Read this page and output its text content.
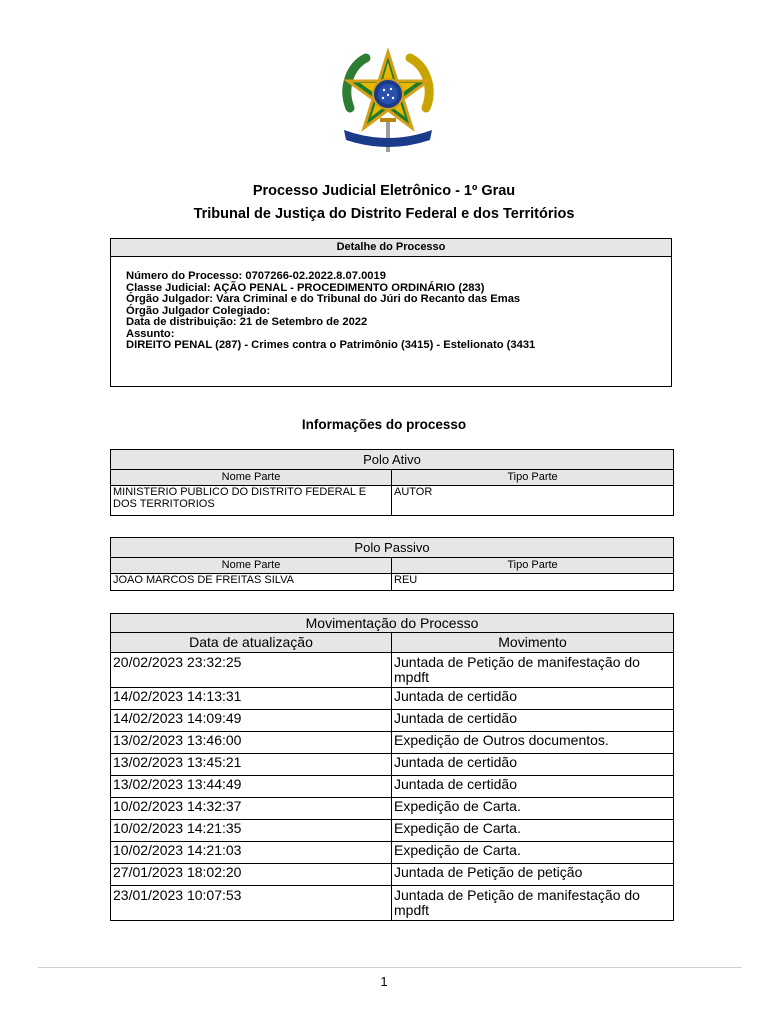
Processo Judicial Eletrônico - 1º Grau
Tribunal de Justiça do Distrito Federal e dos Territórios
Detalhe do Processo
Número do Processo: 0707266-02.2022.8.07.0019
Classe Judicial: AÇÃO PENAL - PROCEDIMENTO ORDINÁRIO (283)
Órgão Julgador: Vara Criminal e do Tribunal do Júri do Recanto das Emas
Órgão Julgador Colegiado:
Data de distribuição: 21 de Setembro de 2022
Assunto:
DIREITO PENAL (287) - Crimes contra o Patrimônio (3415) - Estelionato (3431
Informações do processo
Polo Ativo	
Nome Parte	Tipo Parte
MINISTERIO PUBLICO DO DISTRITO FEDERAL E DOS TERRITORIOS	AUTOR
Polo Passivo	
Nome Parte	Tipo Parte
JOAO MARCOS DE FREITAS SILVA	REU
Movimentação do Processo	
Data de atualização	Movimento
20/02/2023 23:32:25	Juntada de Petição de manifestação do mpdft
14/02/2023 14:13:31	Juntada de certidão
14/02/2023 14:09:49	Juntada de certidão
13/02/2023 13:46:00	Expedição de Outros documentos.
13/02/2023 13:45:21	Juntada de certidão
13/02/2023 13:44:49	Juntada de certidão
10/02/2023 14:32:37	Expedição de Carta.
10/02/2023 14:21:35	Expedição de Carta.
10/02/2023 14:21:03	Expedição de Carta.
27/01/2023 18:02:20	Juntada de Petição de petição
23/01/2023 10:07:53	Juntada de Petição de manifestação do mpdft
1
